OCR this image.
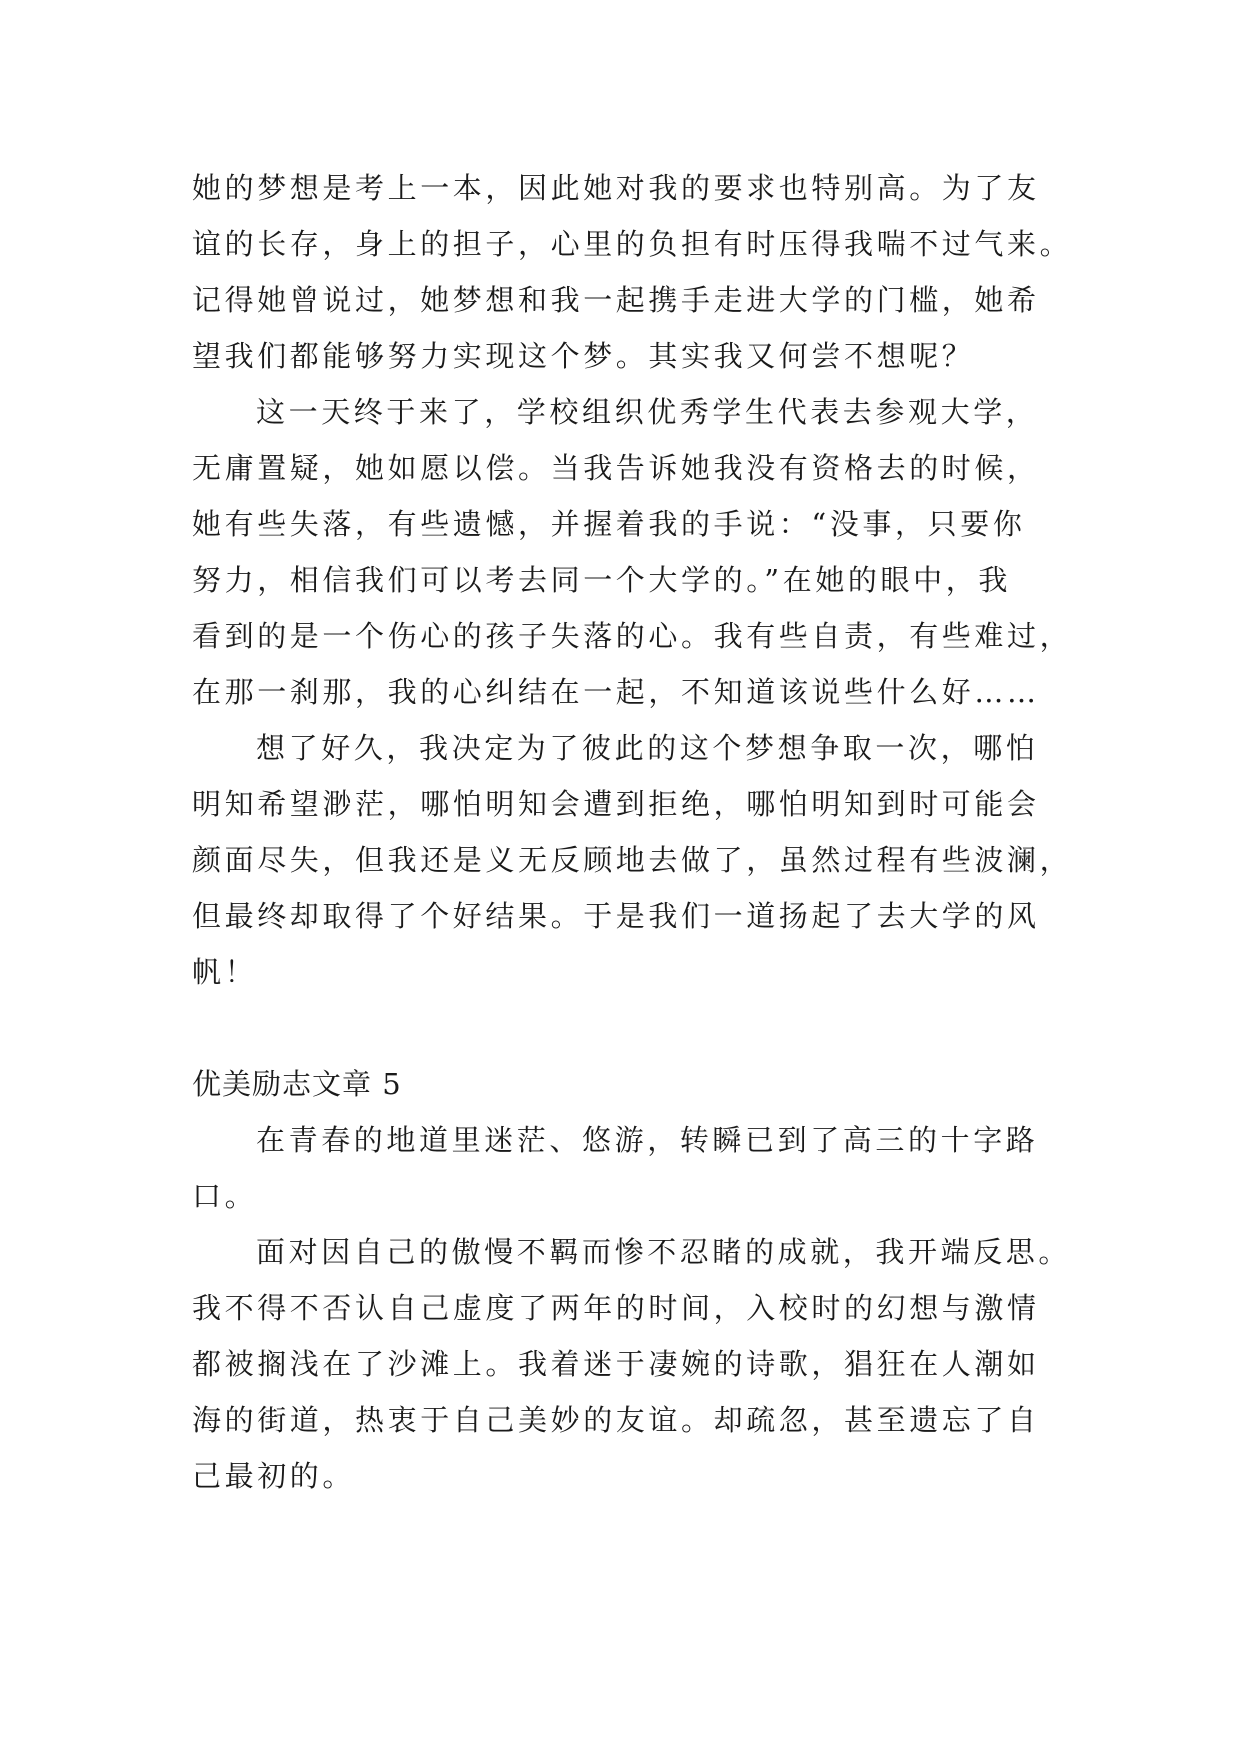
她的梦想是考上一本，因此她对我的要求也特别高。为了友
谊的长存，身上的担子，心里的负担有时压得我喘不过气来。
记得她曾说过，她梦想和我一起携手走进大学的门槛，她希
望我们都能够努力实现这个梦。其实我又何尝不想呢？
这一天终于来了，学校组织优秀学生代表去参观大学，
无庸置疑，她如愿以偿。当我告诉她我没有资格去的时候，
她有些失落，有些遗憾，并握着我的手说：“没事，只要你
努力，相信我们可以考去同一个大学的。”在她的眼中，我
看到的是一个伤心的孩子失落的心。我有些自责，有些难过，
在那一刹那，我的心纠结在一起，不知道该说些什么好……
想了好久，我决定为了彼此的这个梦想争取一次，哪怕
明知希望渺茫，哪怕明知会遭到拒绝，哪怕明知到时可能会
颜面尽失，但我还是义无反顾地去做了，虽然过程有些波澜，
但最终却取得了个好结果。于是我们一道扬起了去大学的风
帆！
优美励志文章 5
在青春的地道里迷茫、悠游，转瞬已到了高三的十字路
口。
面对因自己的傲慢不羁而惨不忍睹的成就，我开端反思。
我不得不否认自己虚度了两年的时间，入校时的幻想与激情
都被搁浅在了沙滩上。我着迷于凄婉的诗歌，猖狂在人潮如
海的街道，热衷于自己美妙的友谊。却疏忽，甚至遗忘了自
己最初的。
